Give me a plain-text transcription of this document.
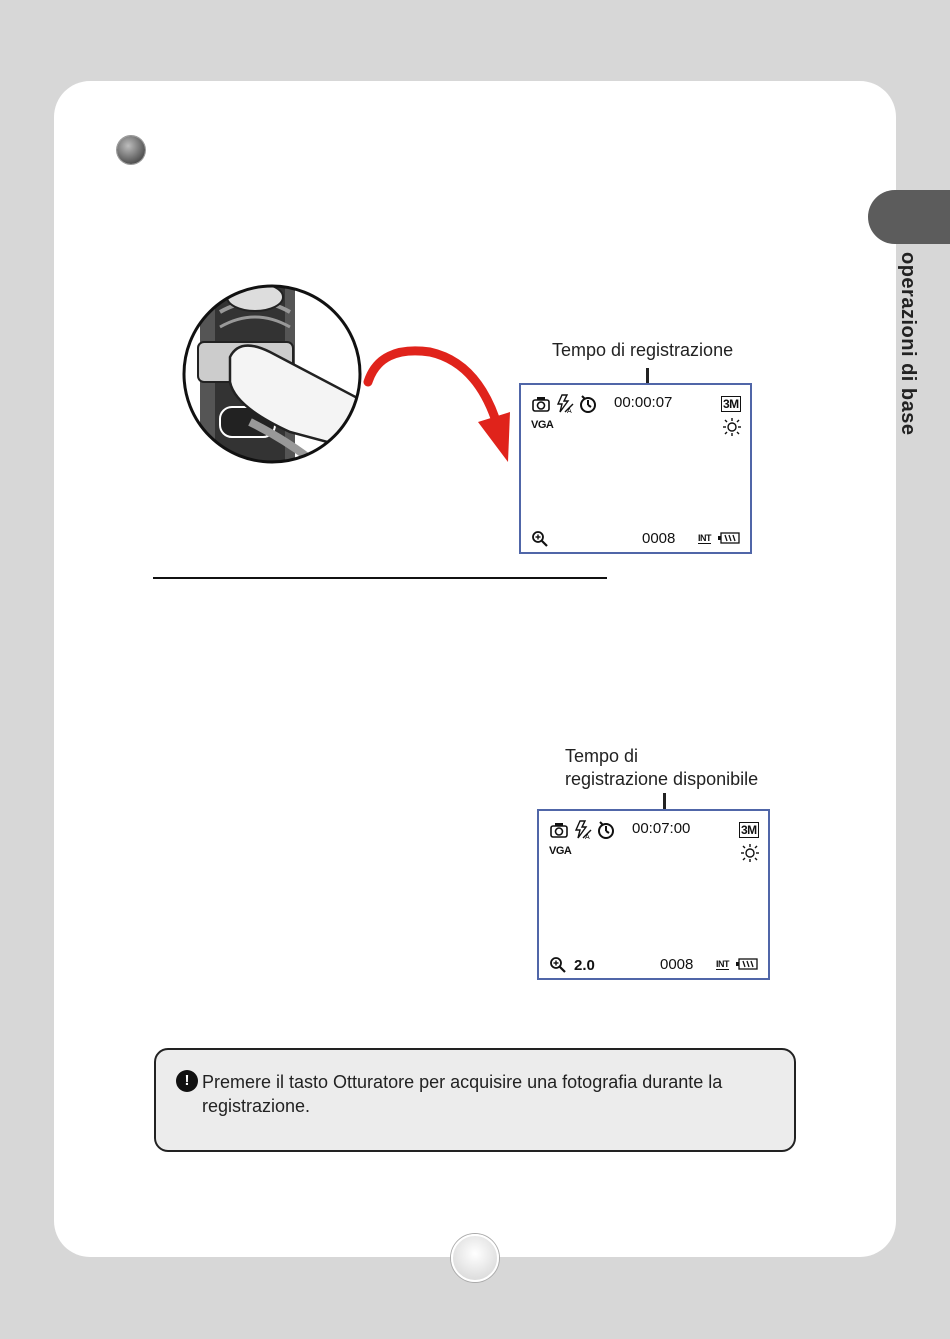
operazioni di base
Tempo di registrazione
A
00:00:07	3M
VGA
0008	INT
Tempo di
registrazione disponibile
A
00:07:00	3M
VGA
2.0	0008	INT
! Premere il tasto Otturatore per acquisire una fotografia durante la registrazione.
